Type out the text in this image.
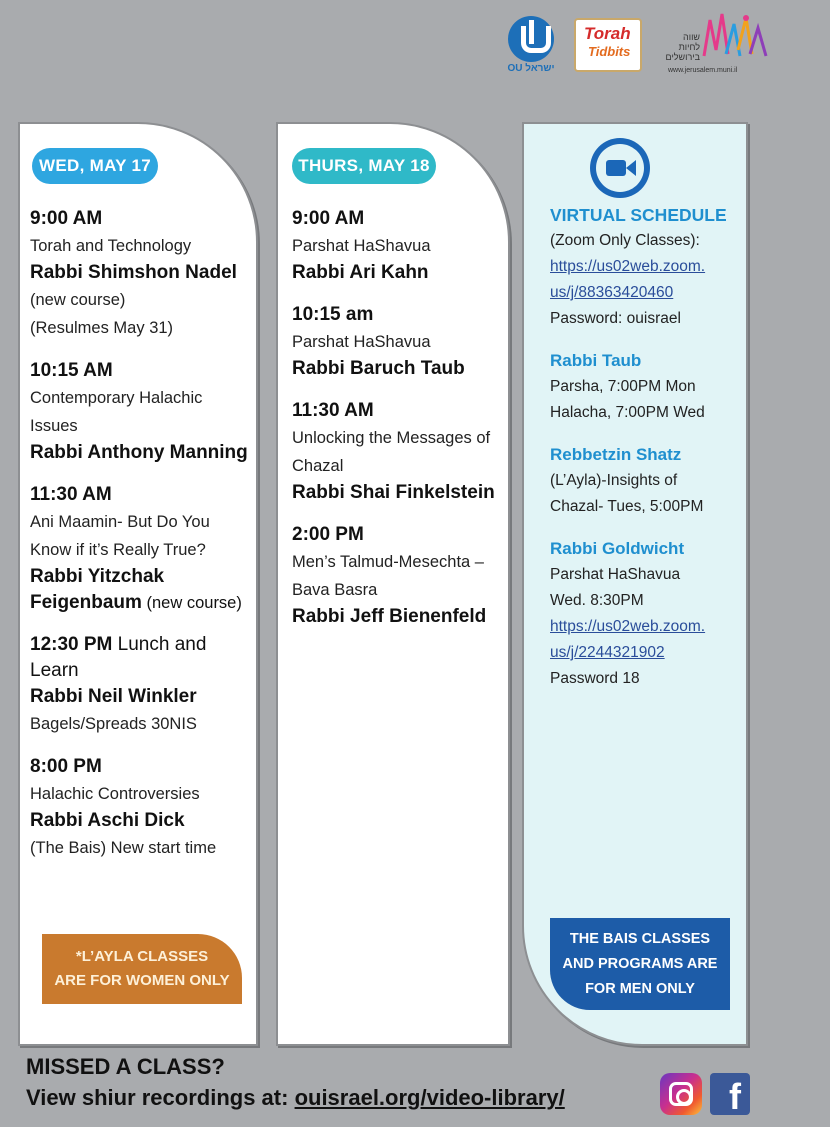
OU ישראל
Torah
Tidbits
שווה לחיות בירושלים
www.jerusalem.muni.il
WED, MAY 17
9:00 AM
Torah and Technology
Rabbi Shimshon Nadel
(new course)
(Resulmes May 31)
10:15 AM
Contemporary Halachic Issues
Rabbi Anthony Manning
11:30 AM
Ani Maamin- But Do You Know if it’s Really True?
Rabbi Yitzchak Feigenbaum (new course)
12:30 PM Lunch and Learn
Rabbi Neil Winkler
Bagels/Spreads 30NIS
8:00 PM
Halachic Controversies
Rabbi Aschi Dick
(The Bais) New start time
*L’AYLA CLASSES
ARE FOR WOMEN ONLY
THURS, MAY 18
9:00 AM
Parshat HaShavua
Rabbi Ari Kahn
10:15 am
Parshat HaShavua
Rabbi Baruch Taub
11:30 AM
Unlocking the Messages of Chazal
Rabbi Shai Finkelstein
2:00 PM
Men’s Talmud-Mesechta – Bava Basra
Rabbi Jeff Bienenfeld
VIRTUAL SCHEDULE
(Zoom Only Classes):
https://us02web.zoom.
us/j/88363420460
Password: ouisrael
Rabbi Taub
Parsha, 7:00PM Mon
Halacha, 7:00PM Wed
Rebbetzin Shatz
(L’Ayla)-Insights of
Chazal- Tues, 5:00PM
Rabbi Goldwicht
Parshat HaShavua
Wed. 8:30PM
https://us02web.zoom.
us/j/2244321902
Password 18
THE BAIS CLASSES
AND PROGRAMS ARE
FOR MEN ONLY
MISSED A CLASS?
View shiur recordings at: ouisrael.org/video-library/	f
